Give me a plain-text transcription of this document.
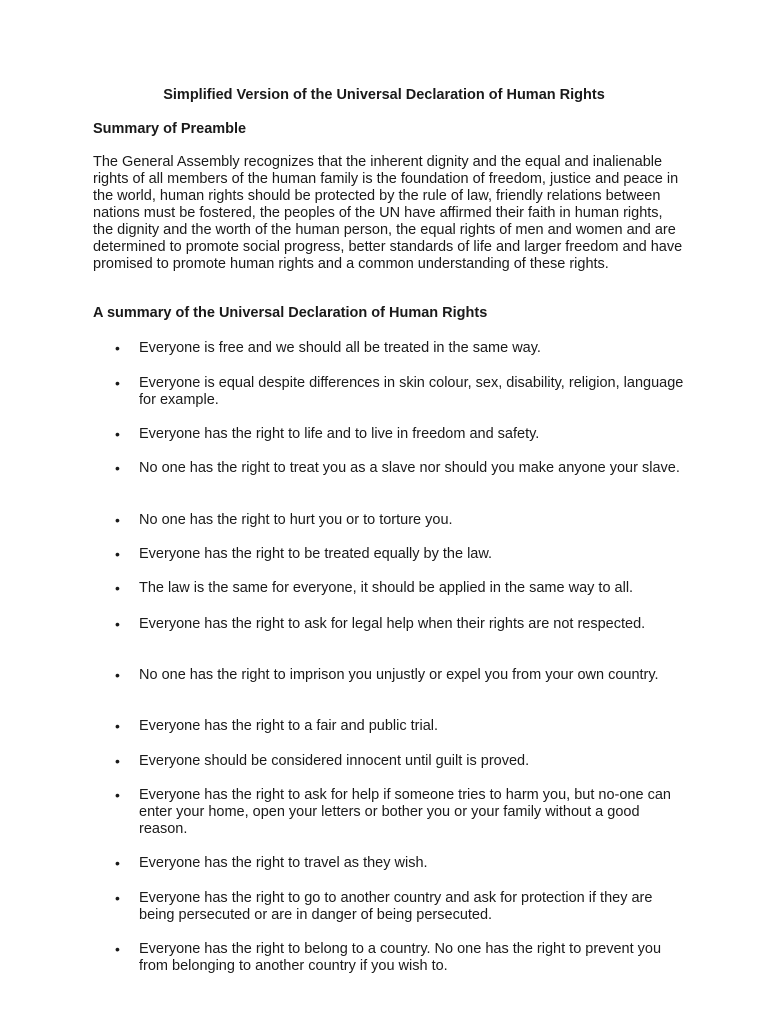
Simplified Version of the Universal Declaration of Human Rights
Summary of Preamble

The General Assembly recognizes that the inherent dignity and the equal and inalienable rights of all members of the human family is the foundation of freedom, justice and peace in the world, human rights should be protected by the rule of law, friendly relations between nations must be fostered, the peoples of the UN have affirmed their faith in human rights, the dignity and the worth of the human person, the equal rights of men and women and are determined to promote social progress, better standards of life and larger freedom and have promised to promote human rights and a common understanding of these rights.

A summary of the Universal Declaration of Human Rights
• Everyone is free and we should all be treated in the same way.
• Everyone is equal despite differences in skin colour, sex, disability, religion, language for example.
• Everyone has the right to life and to live in freedom and safety.
• No one has the right to treat you as a slave nor should you make anyone your slave.
• No one has the right to hurt you or to torture you.
• Everyone has the right to be treated equally by the law.
• The law is the same for everyone, it should be applied in the same way to all.
• Everyone has the right to ask for legal help when their rights are not respected.
• No one has the right to imprison you unjustly or expel you from your own country.
• Everyone has the right to a fair and public trial.
• Everyone should be considered innocent until guilt is proved.
• Everyone has the right to ask for help if someone tries to harm you, but no-one can enter your home, open your letters or bother you or your family without a good reason.
• Everyone has the right to travel as they wish.
• Everyone has the right to go to another country and ask for protection if they are being persecuted or are in danger of being persecuted.
• Everyone has the right to belong to a country. No one has the right to prevent you from belonging to another country if you wish to.
